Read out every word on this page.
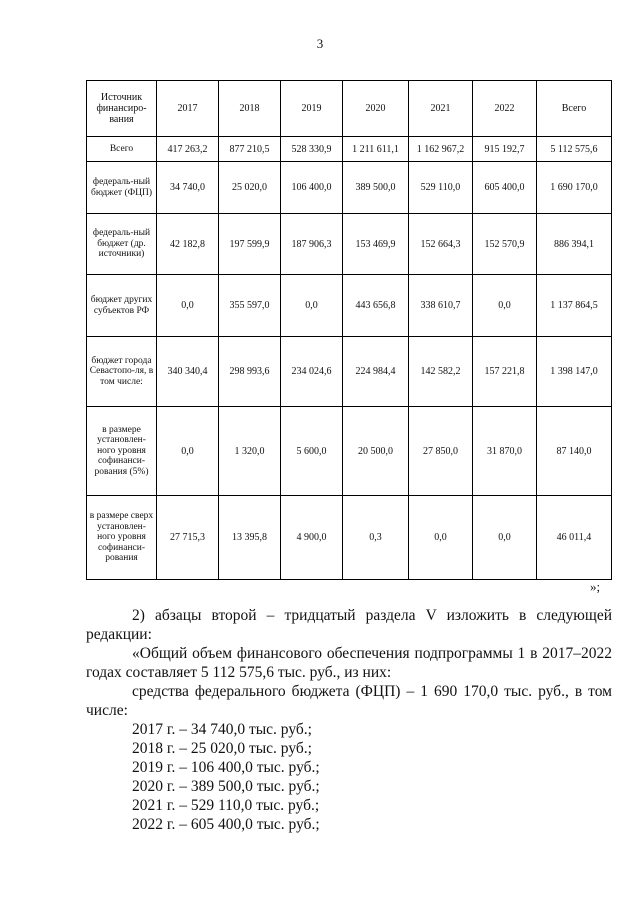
3
Источник финансиро-вания	2017	2018	2019	2020	2021	2022	Всего
Всего	417 263,2	877 210,5	528 330,9	1 211 611,1	1 162 967,2	915 192,7	5 112 575,6
федераль-ный бюджет (ФЦП)	34 740,0	25 020,0	106 400,0	389 500,0	529 110,0	605 400,0	1 690 170,0
федераль-ный бюджет (др. источники)	42 182,8	197 599,9	187 906,3	153 469,9	152 664,3	152 570,9	886 394,1
бюджет других субъектов РФ	0,0	355 597,0	0,0	443 656,8	338 610,7	0,0	1 137 864,5
бюджет города Севастопо-ля, в том числе:	340 340,4	298 993,6	234 024,6	224 984,4	142 582,2	157 221,8	1 398 147,0
в размере установлен-ного уровня софинанси-рования (5%)	0,0	1 320,0	5 600,0	20 500,0	27 850,0	31 870,0	87 140,0
в размере сверх установлен-ного уровня софинанси-рования	27 715,3	13 395,8	4 900,0	0,3	0,0	0,0	46 011,4
»;

2) абзацы второй – тридцатый раздела V изложить в следующей

редакции:

«Общий объем финансового обеспечения подпрограммы 1 в 2017–2022

годах составляет 5 112 575,6 тыс. руб., из них:

средства федерального бюджета (ФЦП) – 1 690 170,0 тыс. руб., в том

числе:

2017 г. – 34 740,0 тыс. руб.;

2018 г. – 25 020,0 тыс. руб.;

2019 г. – 106 400,0 тыс. руб.;

2020 г. – 389 500,0 тыс. руб.;

2021 г. – 529 110,0 тыс. руб.;

2022 г. – 605 400,0 тыс. руб.;
